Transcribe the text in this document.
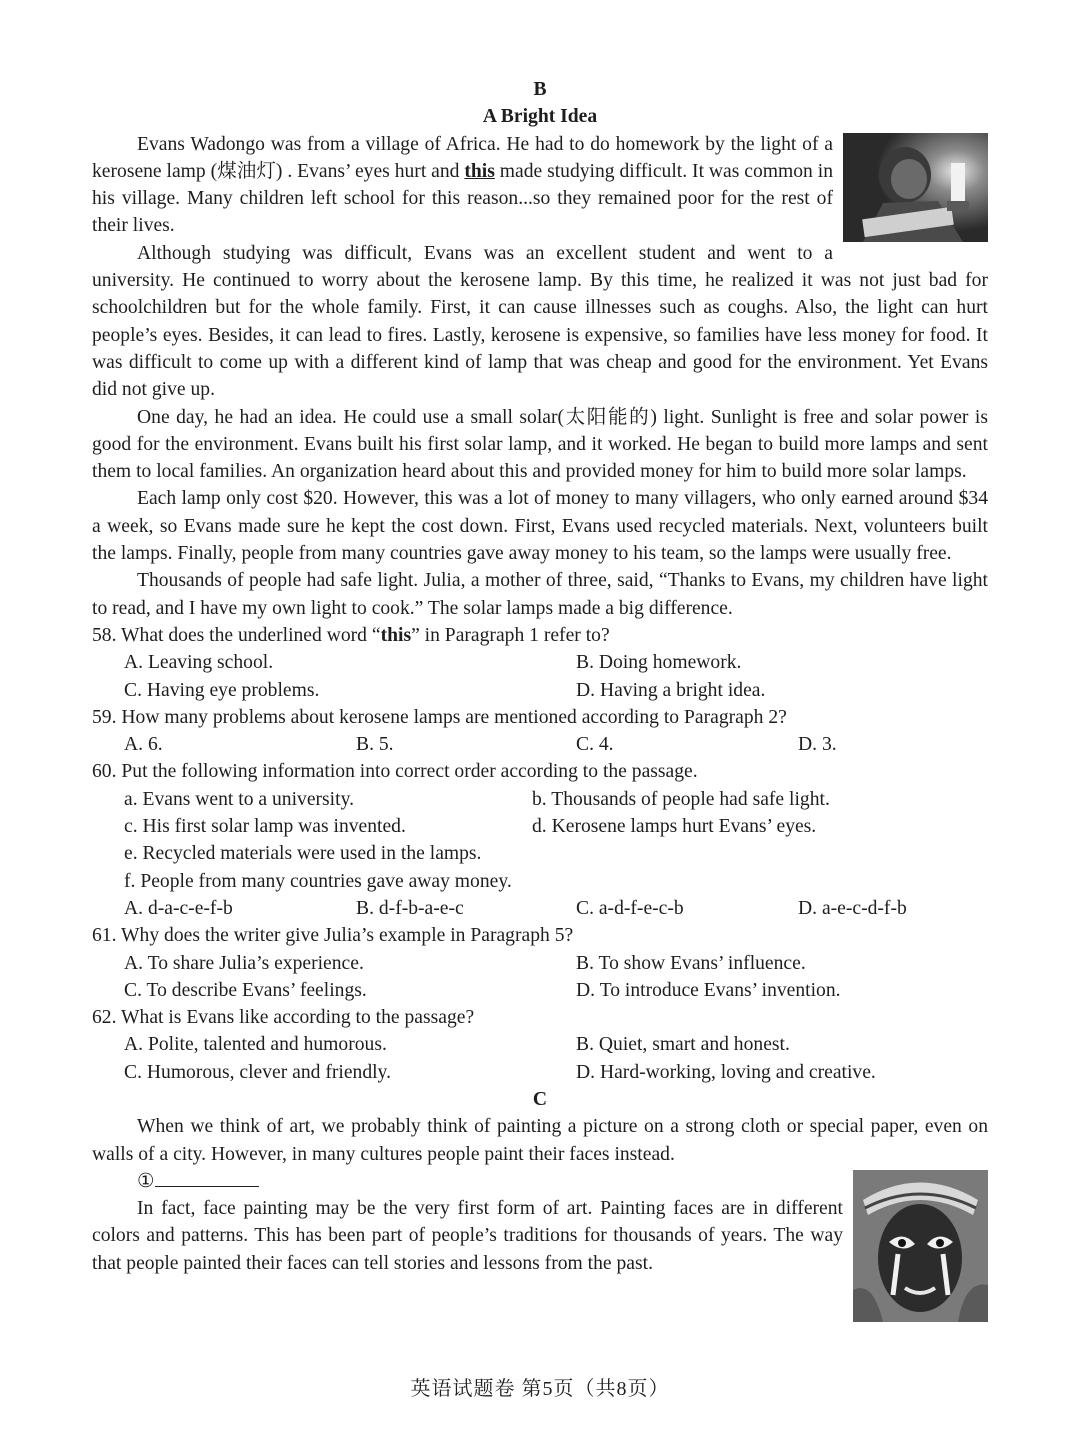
B

A Bright Idea

Evans Wadongo was from a village of Africa. He had to do homework by the light of a kerosene lamp (煤油灯) . Evans’ eyes hurt and this made studying difficult. It was common in his village. Many children left school for this reason...so they remained poor for the rest of their lives.

Although studying was difficult, Evans was an excellent student and went to a university. He continued to worry about the kerosene lamp. By this time, he realized it was not just bad for schoolchildren but for the whole family. First, it can cause illnesses such as coughs. Also, the light can hurt people’s eyes. Besides, it can lead to fires. Lastly, kerosene is expensive, so families have less money for food. It was difficult to come up with a different kind of lamp that was cheap and good for the environment. Yet Evans did not give up.

One day, he had an idea. He could use a small solar(太阳能的) light. Sunlight is free and solar power is good for the environment. Evans built his first solar lamp, and it worked. He began to build more lamps and sent them to local families. An organization heard about this and provided money for him to build more solar lamps.

Each lamp only cost $20. However, this was a lot of money to many villagers, who only earned around $34 a week, so Evans made sure he kept the cost down. First, Evans used recycled materials. Next, volunteers built the lamps. Finally, people from many countries gave away money to his team, so the lamps were usually free.

Thousands of people had safe light. Julia, a mother of three, said, “Thanks to Evans, my children have light to read, and I have my own light to cook.” The solar lamps made a big difference.

58. What does the underlined word “this” in Paragraph 1 refer to?

A. Leaving school.	B. Doing homework.
C. Having eye problems.	D. Having a bright idea.

59. How many problems about kerosene lamps are mentioned according to Paragraph 2?

A. 6.	B. 5.	C. 4.	D. 3.

60. Put the following information into correct order according to the passage.

a. Evans went to a university.	b. Thousands of people had safe light.
c. His first solar lamp was invented.	d. Kerosene lamps hurt Evans’ eyes.
e. Recycled materials were used in the lamps.
f. People from many countries gave away money.
A. d-a-c-e-f-b	B. d-f-b-a-e-c	C. a-d-f-e-c-b	D. a-e-c-d-f-b

61. Why does the writer give Julia’s example in Paragraph 5?

A. To share Julia’s experience.	B. To show Evans’ influence.
C. To describe Evans’ feelings.	D. To introduce Evans’ invention.

62. What is Evans like according to the passage?

A. Polite, talented and humorous.	B. Quiet, smart and honest.
C. Humorous, clever and friendly.	D. Hard-working, loving and creative.

C

When we think of art, we probably think of painting a picture on a strong cloth or special paper, even on walls of a city. However, in many cultures people paint their faces instead.

①

In fact, face painting may be the very first form of art. Painting faces are in different colors and patterns. This has been part of people’s traditions for thousands of years. The way that people painted their faces can tell stories and lessons from the past.

英语试题卷 第5页（共8页）
